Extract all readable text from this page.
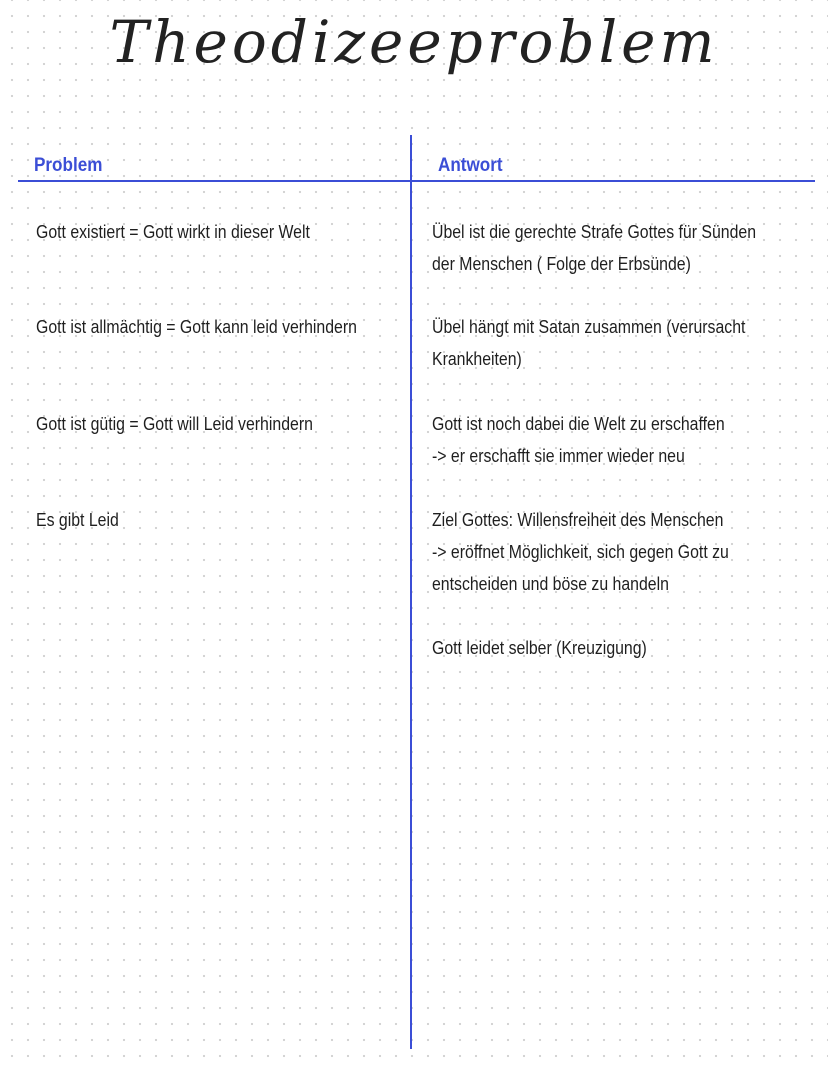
Theodizeeproblem
Problem	Antwort
Gott existiert = Gott wirkt in dieser Welt
Gott ist allmächtig = Gott kann leid verhindern
Gott ist gütig = Gott will Leid verhindern
Es gibt Leid
Übel ist die gerechte Strafe Gottes für Sünden
der Menschen ( Folge der Erbsünde)
Übel hängt mit Satan zusammen (verursacht
Krankheiten)
Gott ist noch dabei die Welt zu erschaffen
-> er erschafft sie immer wieder neu
Ziel Gottes: Willensfreiheit des Menschen
-> eröffnet Möglichkeit, sich gegen Gott zu
entscheiden und böse zu handeln
Gott leidet selber (Kreuzigung)
